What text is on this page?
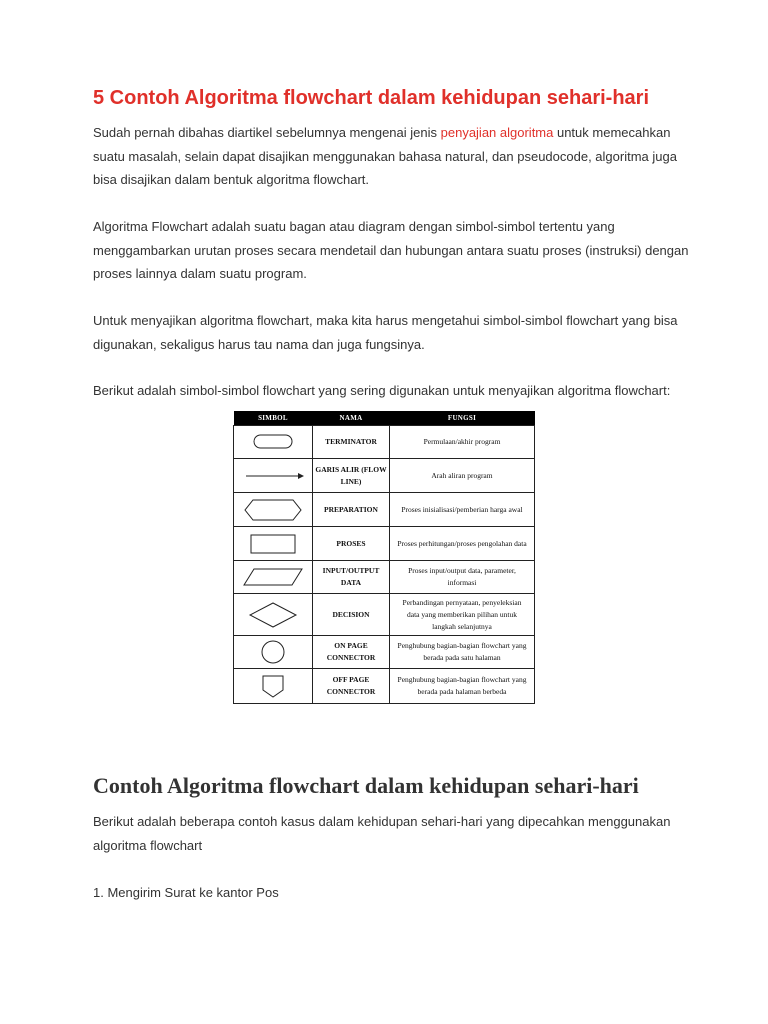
5 Contoh Algoritma flowchart dalam kehidupan sehari-hari

Sudah pernah dibahas diartikel sebelumnya mengenai jenis penyajian algoritma untuk memecahkan suatu masalah, selain dapat disajikan menggunakan bahasa natural, dan pseudocode, algoritma juga bisa disajikan dalam bentuk algoritma flowchart.

Algoritma Flowchart adalah suatu bagan atau diagram dengan simbol-simbol tertentu yang menggambarkan urutan proses secara mendetail dan hubungan antara suatu proses (instruksi) dengan proses lainnya dalam suatu program.

Untuk menyajikan algoritma flowchart, maka kita harus mengetahui simbol-simbol flowchart yang bisa digunakan, sekaligus harus tau nama dan juga fungsinya.

Berikut adalah simbol-simbol flowchart yang sering digunakan untuk menyajikan algoritma flowchart:

SIMBOL	NAMA	FUNGSI

	TERMINATOR	Permulaan/akhir program

	GARIS ALIR (FLOW LINE)	Arah aliran program

	PREPARATION	Proses inisialisasi/pemberian harga awal

	PROSES	Proses perhitungan/proses pengolahan data

	INPUT/OUTPUT DATA	Proses input/output data, parameter, informasi

	DECISION	Perbandingan pernyataan, penyeleksian data yang memberikan pilihan untuk langkah selanjutnya

	ON PAGE CONNECTOR	Penghubung bagian-bagian flowchart yang berada pada satu halaman

	OFF PAGE CONNECTOR	Penghubung bagian-bagian flowchart yang berada pada halaman berbeda
Contoh Algoritma flowchart dalam kehidupan sehari-hari

Berikut adalah beberapa contoh kasus dalam kehidupan sehari-hari yang dipecahkan menggunakan algoritma flowchart

1. Mengirim Surat ke kantor Pos
